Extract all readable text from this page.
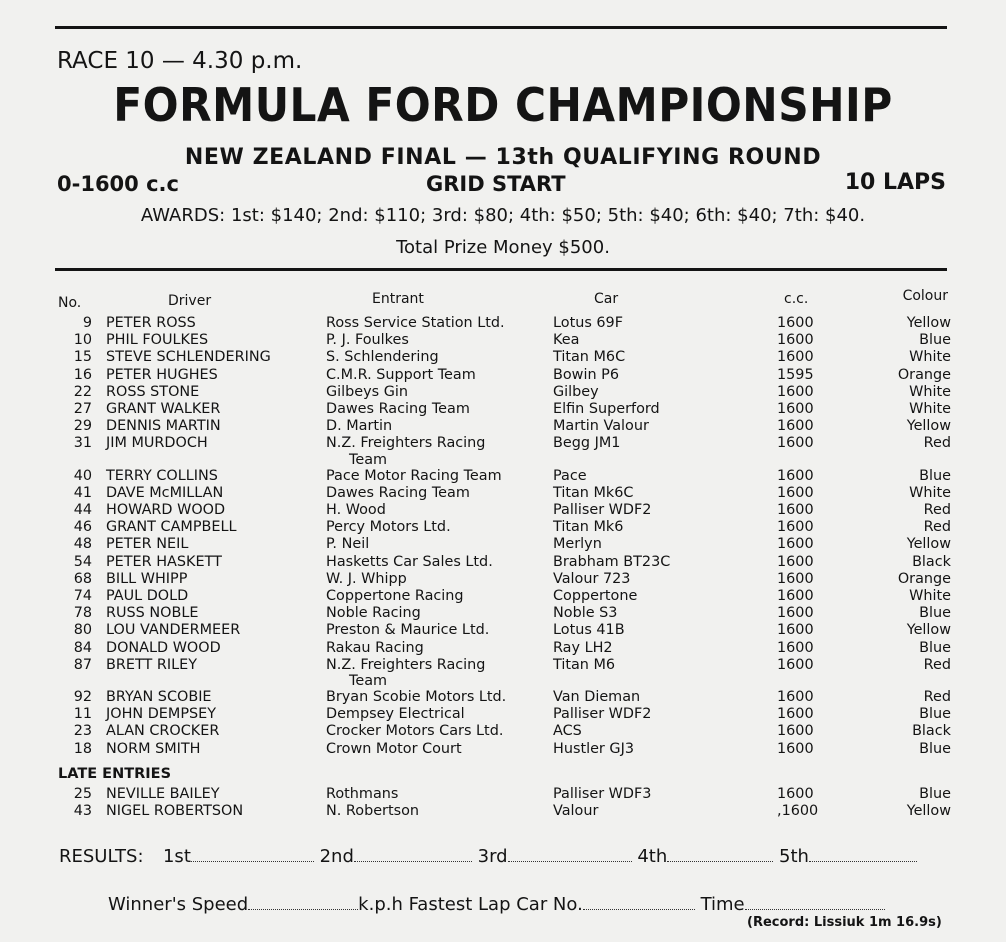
RACE 10 — 4.30 p.m.
FORMULA FORD CHAMPIONSHIP
NEW ZEALAND FINAL — 13th QUALIFYING ROUND
0-1600 c.c	GRID START	10 LAPS
AWARDS: 1st: $140; 2nd: $110; 3rd: $80; 4th: $50; 5th: $40; 6th: $40; 7th: $40.
Total Prize Money $500.
No.	Driver	Entrant	Car	c.c.	Colour
9	PETER ROSS	Ross Service Station Ltd.	Lotus 69F	1600	Yellow
10	PHIL FOULKES	P. J. Foulkes	Kea	1600	Blue
15	STEVE SCHLENDERING	S. Schlendering	Titan M6C	1600	White
16	PETER HUGHES	C.M.R. Support Team	Bowin P6	1595	Orange
22	ROSS STONE	Gilbeys Gin	Gilbey	1600	White
27	GRANT WALKER	Dawes Racing Team	Elfin Superford	1600	White
29	DENNIS MARTIN	D. Martin	Martin Valour	1600	Yellow
31	JIM MURDOCH	N.Z. Freighters Racing	Begg JM1	1600	Red
		Team			
40	TERRY COLLINS	Pace Motor Racing Team	Pace	1600	Blue
41	DAVE McMILLAN	Dawes Racing Team	Titan Mk6C	1600	White
44	HOWARD WOOD	H. Wood	Palliser WDF2	1600	Red
46	GRANT CAMPBELL	Percy Motors Ltd.	Titan Mk6	1600	Red
48	PETER NEIL	P. Neil	Merlyn	1600	Yellow
54	PETER HASKETT	Hasketts Car Sales Ltd.	Brabham BT23C	1600	Black
68	BILL WHIPP	W. J. Whipp	Valour 723	1600	Orange
74	PAUL DOLD	Coppertone Racing	Coppertone	1600	White
78	RUSS NOBLE	Noble Racing	Noble S3	1600	Blue
80	LOU VANDERMEER	Preston & Maurice Ltd.	Lotus 41B	1600	Yellow
84	DONALD WOOD	Rakau Racing	Ray LH2	1600	Blue
87	BRETT RILEY	N.Z. Freighters Racing	Titan M6	1600	Red
		Team			
92	BRYAN SCOBIE	Bryan Scobie Motors Ltd.	Van Dieman	1600	Red
11	JOHN DEMPSEY	Dempsey Electrical	Palliser WDF2	1600	Blue
23	ALAN CROCKER	Crocker Motors Cars Ltd.	ACS	1600	Black
18	NORM SMITH	Crown Motor Court	Hustler GJ3	1600	Blue
LATE ENTRIES
25	NEVILLE BAILEY	Rothmans	Palliser WDF3	1600	Blue
43	NIGEL ROBERTSON	N. Robertson	Valour	,1600	Yellow
RESULTS: 1st	2nd	3rd	4th	5th
Winner's Speed	k.p.h Fastest Lap Car No.	Time
(Record: Lissiuk 1m 16.9s)
